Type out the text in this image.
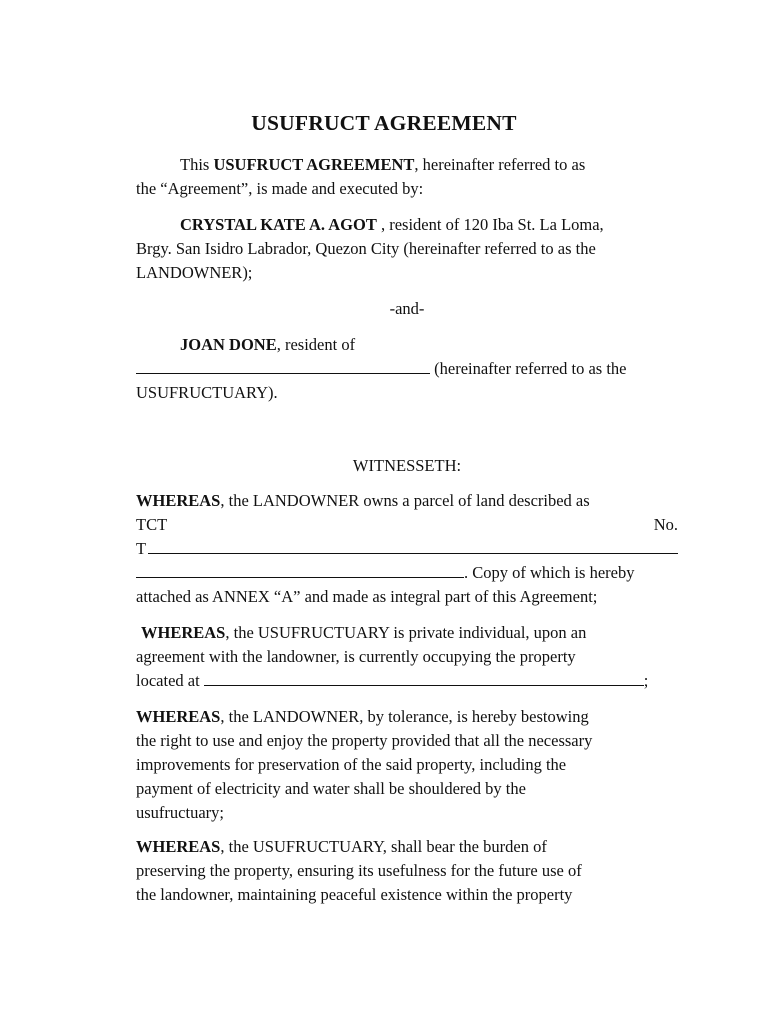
USUFRUCT AGREEMENT
This USUFRUCT AGREEMENT, hereinafter referred to as
the “Agreement”, is made and executed by:
CRYSTAL KATE A. AGOT , resident of 120 Iba St. La Loma,
Brgy. San Isidro Labrador, Quezon City (hereinafter referred to as the
LANDOWNER);
-and-
JOAN DONE, resident of
(hereinafter referred to as the
USUFRUCTUARY).
WITNESSETH:
WHEREAS, the LANDOWNER owns a parcel of land described as
TCT	No.
T
. Copy of which is hereby
attached as ANNEX “A” and made as integral part of this Agreement;
WHEREAS, the USUFRUCTUARY is private individual, upon an
agreement with the landowner, is currently occupying the property
located at	;
WHEREAS, the LANDOWNER, by tolerance, is hereby bestowing
the right to use and enjoy the property provided that all the necessary
improvements for preservation of the said property, including the
payment of electricity and water shall be shouldered by the
usufructuary;
WHEREAS, the USUFRUCTUARY, shall bear the burden of
preserving the property, ensuring its usefulness for the future use of
the landowner, maintaining peaceful existence within the property
